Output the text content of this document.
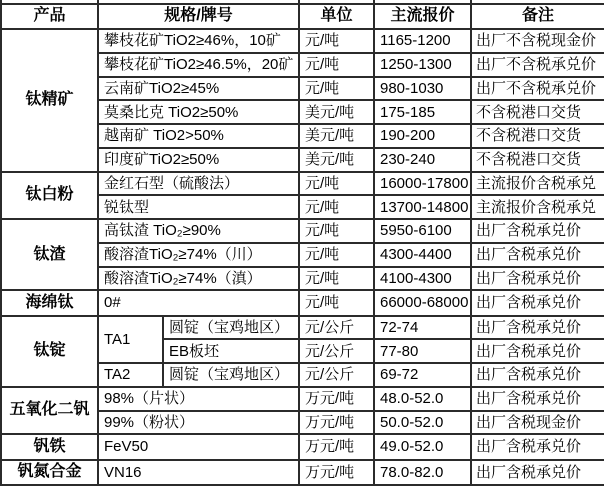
产品	规格/牌号		单位	主流报价	备注
钛精矿	攀枝花矿TiO2≥46%，10矿		元/吨	1165-1200	出厂不含税现金价
	攀枝花矿TiO2≥46.5%，20矿		元/吨	1250-1300	出厂不含税承兑价
	云南矿TiO2≥45%		元/吨	980-1030	出厂不含税承兑价
	莫桑比克 TiO2≥50%		美元/吨	175-185	不含税港口交货
	越南矿 TiO2>50%		美元/吨	190-200	不含税港口交货
	印度矿TiO2≥50%		美元/吨	230-240	不含税港口交货
钛白粉	金红石型（硫酸法）		元/吨	16000-17800	主流报价含税承兑
	锐钛型		元/吨	13700-14800	主流报价含税承兑
钛渣	高钛渣 TiO₂≥90%		元/吨	5950-6100	出厂含税承兑价
	酸溶渣TiO₂≥74%（川）		元/吨	4300-4400	出厂含税承兑价
	酸溶渣TiO₂≥74%（滇）		元/吨	4100-4300	出厂含税承兑价
海绵钛	0#		元/吨	66000-68000	出厂含税承兑价
钛锭	TA1	圆锭（宝鸡地区）	元/公斤	72-74	出厂含税承兑价
		EB板坯	元/公斤	77-80	出厂含税承兑价
	TA2	圆锭（宝鸡地区）	元/公斤	69-72	出厂含税承兑价
五氧化二钒	98%（片状）		万元/吨	48.0-52.0	出厂含税承兑价
	99%（粉状）		万元/吨	50.0-52.0	出厂含税现金价
钒铁	FeV50		万元/吨	49.0-52.0	出厂含税承兑价
钒氮合金	VN16		万元/吨	78.0-82.0	出厂含税承兑价
